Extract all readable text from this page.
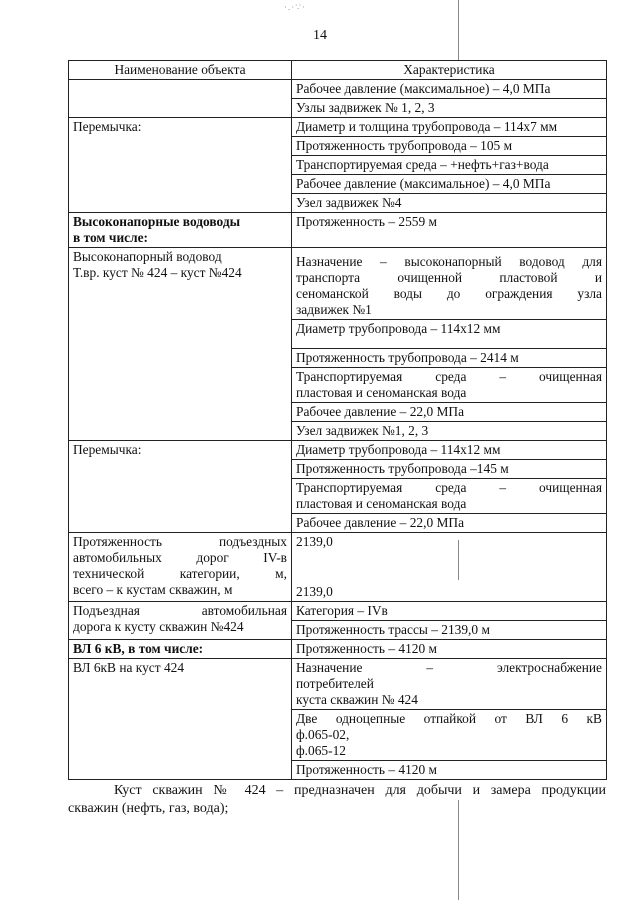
·.·∵·
14
Наименование объекта	Характеристика
	Рабочее давление (максимальное) – 4,0 МПа
	Узлы задвижек № 1, 2, 3
Перемычка:	Диаметр и толщина трубопровода – 114х7 мм
	Протяженность трубопровода – 105 м
	Транспортируемая среда – +нефть+газ+вода
	Рабочее давление (максимальное) – 4,0 МПа
	Узел задвижек №4

Высоконапорные водоводы
в том числе:	Протяженность – 2559 м

Высоконапорный водовод
Т.вр. куст № 424 – куст №424	Назначение – высоконапорный водовод для
транспорта очищенной пластовой и
сеноманской воды до ограждения узла
задвижек №1

	Диаметр трубопровода – 114х12 мм
	Протяженность трубопровода – 2414 м

	Транспортируемая среда – очищенная
пластовая и сеноманская вода

	Рабочее давление – 22,0 МПа
	Узел задвижек №1, 2, 3
Перемычка:	Диаметр трубопровода – 114х12 мм
	Протяженность трубопровода –145 м

	Транспортируемая среда – очищенная
пластовая и сеноманская вода

	Рабочее давление – 22,0 МПа

Протяженность подъездных
автомобильных дорог IV-в
технической категории, м,
всего – к кустам скважин, м	2139,0
2139,0

Подъездная автомобильная
дорога к кусту скважин №424	Категория – IVв
	Протяженность трассы – 2139,0 м
ВЛ 6 кВ, в том числе:	Протяженность – 4120 м
ВЛ 6кВ на куст 424	Назначение – электроснабжение
потребителей
куста скважин № 424

	Две одноцепные отпайкой от ВЛ 6 кВ
ф.065-02,
ф.065-12

	Протяженность – 4120 м
Куст скважин № 424 – предназначен для добычи и замера продукции
скважин (нефть, газ, вода);
